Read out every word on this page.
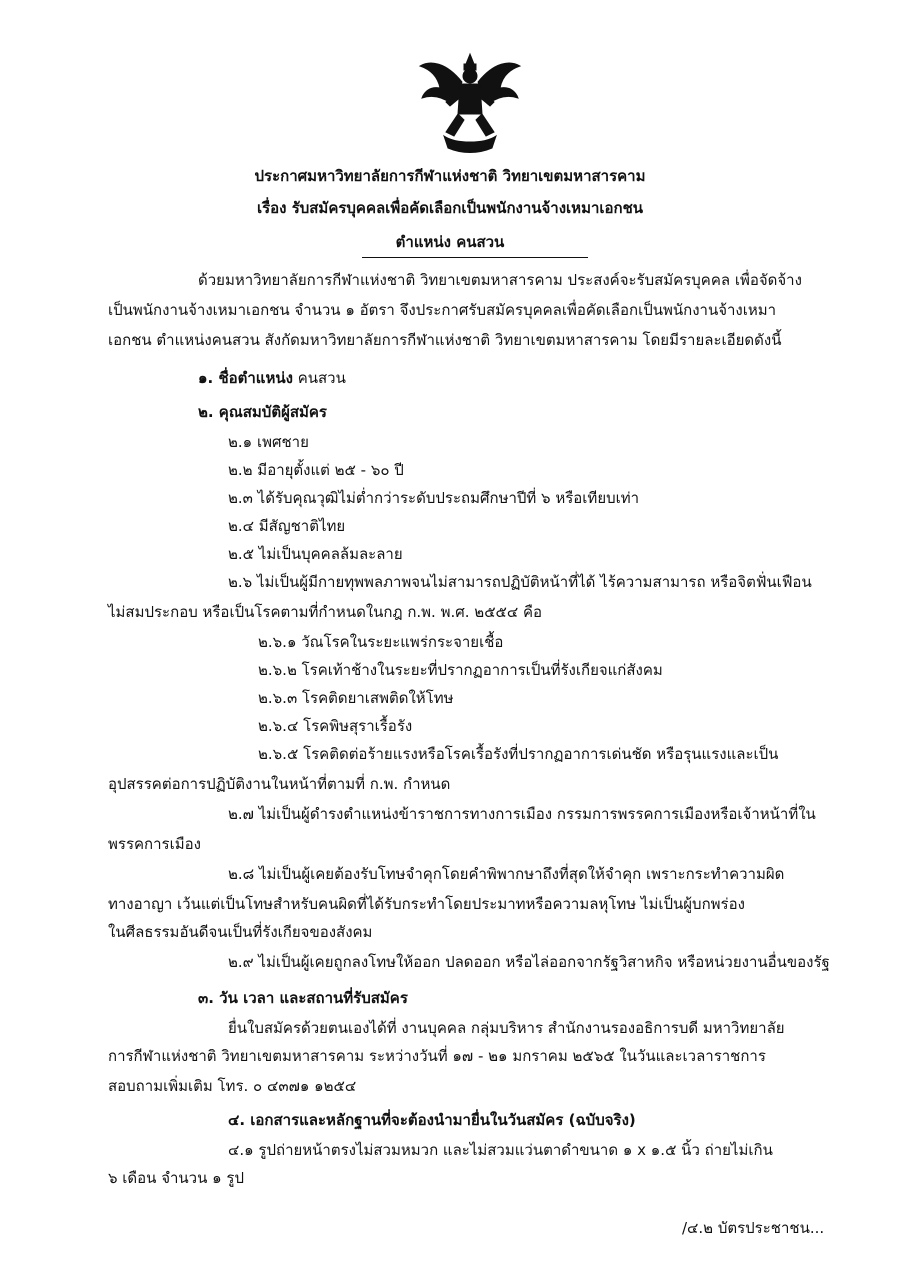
ประกาศมหาวิทยาลัยการกีฬาแห่งชาติ วิทยาเขตมหาสารคาม
เรื่อง รับสมัครบุคคลเพื่อคัดเลือกเป็นพนักงานจ้างเหมาเอกชน
ตำแหน่ง คนสวน
ด้วยมหาวิทยาลัยการกีฬาแห่งชาติ วิทยาเขตมหาสารคาม ประสงค์จะรับสมัครบุคคล เพื่อจัดจ้าง
เป็นพนักงานจ้างเหมาเอกชน จำนวน ๑ อัตรา จึงประกาศรับสมัครบุคคลเพื่อคัดเลือกเป็นพนักงานจ้างเหมา
เอกชน ตำแหน่งคนสวน สังกัดมหาวิทยาลัยการกีฬาแห่งชาติ วิทยาเขตมหาสารคาม โดยมีรายละเอียดดังนี้
๑. ชื่อตำแหน่ง คนสวน
๒. คุณสมบัติผู้สมัคร
๒.๑ เพศชาย
๒.๒ มีอายุตั้งแต่ ๒๕ - ๖๐ ปี
๒.๓ ได้รับคุณวุฒิไม่ต่ำกว่าระดับประถมศึกษาปีที่ ๖ หรือเทียบเท่า
๒.๔ มีสัญชาติไทย
๒.๕ ไม่เป็นบุคคลล้มละลาย
๒.๖ ไม่เป็นผู้มีกายทุพพลภาพจนไม่สามารถปฏิบัติหน้าที่ได้ ไร้ความสามารถ หรือจิตฟั่นเฟือน
ไม่สมประกอบ หรือเป็นโรคตามที่กำหนดในกฎ ก.พ. พ.ศ. ๒๕๕๔ คือ
๒.๖.๑ วัณโรคในระยะแพร่กระจายเชื้อ
๒.๖.๒ โรคเท้าช้างในระยะที่ปรากฏอาการเป็นที่รังเกียจแก่สังคม
๒.๖.๓ โรคติดยาเสพติดให้โทษ
๒.๖.๔ โรคพิษสุราเรื้อรัง
๒.๖.๕ โรคติดต่อร้ายแรงหรือโรคเรื้อรังที่ปรากฏอาการเด่นชัด หรือรุนแรงและเป็น
อุปสรรคต่อการปฏิบัติงานในหน้าที่ตามที่ ก.พ. กำหนด
๒.๗ ไม่เป็นผู้ดำรงตำแหน่งข้าราชการทางการเมือง กรรมการพรรคการเมืองหรือเจ้าหน้าที่ใน
พรรคการเมือง
๒.๘ ไม่เป็นผู้เคยต้องรับโทษจำคุกโดยคำพิพากษาถึงที่สุดให้จำคุก เพราะกระทำความผิด
ทางอาญา เว้นแต่เป็นโทษสำหรับคนผิดที่ได้รับกระทำโดยประมาทหรือความลหุโทษ ไม่เป็นผู้บกพร่อง
ในศีลธรรมอันดีจนเป็นที่รังเกียจของสังคม
๒.๙ ไม่เป็นผู้เคยถูกลงโทษให้ออก ปลดออก หรือไล่ออกจากรัฐวิสาหกิจ หรือหน่วยงานอื่นของรัฐ
๓. วัน เวลา และสถานที่รับสมัคร
ยื่นใบสมัครด้วยตนเองได้ที่ งานบุคคล กลุ่มบริหาร สำนักงานรองอธิการบดี มหาวิทยาลัย
การกีฬาแห่งชาติ วิทยาเขตมหาสารคาม ระหว่างวันที่ ๑๗ - ๒๑ มกราคม ๒๕๖๕ ในวันและเวลาราชการ
สอบถามเพิ่มเติม โทร. ๐ ๔๓๗๑ ๑๒๕๔
๔. เอกสารและหลักฐานที่จะต้องนำมายื่นในวันสมัคร (ฉบับจริง)
๔.๑ รูปถ่ายหน้าตรงไม่สวมหมวก และไม่สวมแว่นตาดำขนาด ๑ x ๑.๕ นิ้ว ถ่ายไม่เกิน
๖ เดือน จำนวน ๑ รูป
/๔.๒ บัตรประชาชน...
